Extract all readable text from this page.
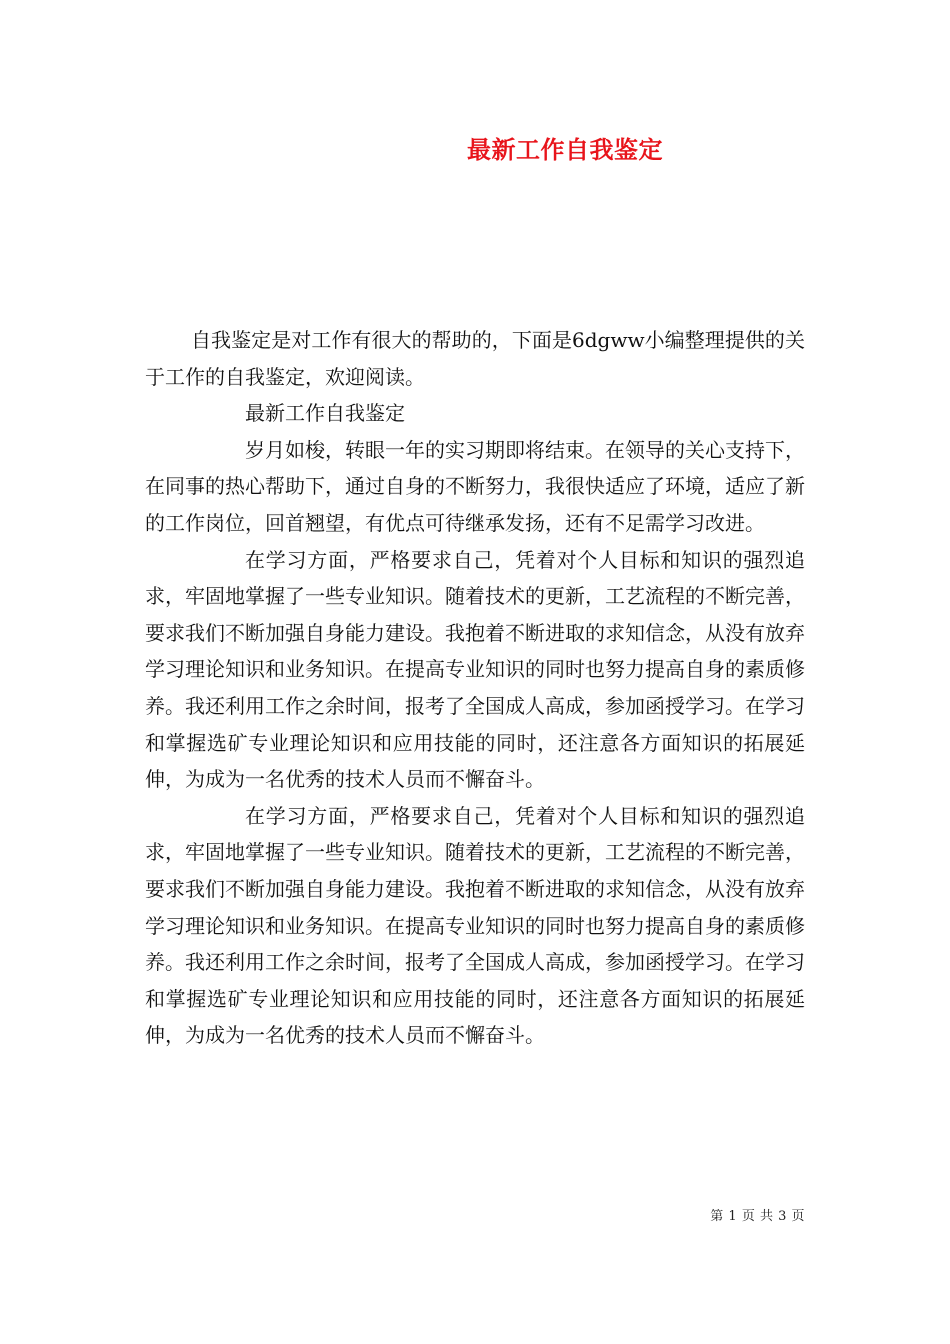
最新工作自我鉴定

自我鉴定是对工作有很大的帮助的，下面是6dgww小编整理提供的关于工作的自我鉴定，欢迎阅读。

最新工作自我鉴定

岁月如梭，转眼一年的实习期即将结束。在领导的关心支持下，在同事的热心帮助下，通过自身的不断努力，我很快适应了环境，适应了新的工作岗位，回首翘望，有优点可待继承发扬，还有不足需学习改进。

在学习方面，严格要求自己，凭着对个人目标和知识的强烈追求，牢固地掌握了一些专业知识。随着技术的更新，工艺流程的不断完善，要求我们不断加强自身能力建设。我抱着不断进取的求知信念，从没有放弃学习理论知识和业务知识。在提高专业知识的同时也努力提高自身的素质修养。我还利用工作之余时间，报考了全国成人高成，参加函授学习。在学习和掌握选矿专业理论知识和应用技能的同时，还注意各方面知识的拓展延伸，为成为一名优秀的技术人员而不懈奋斗。

在学习方面，严格要求自己，凭着对个人目标和知识的强烈追求，牢固地掌握了一些专业知识。随着技术的更新，工艺流程的不断完善，要求我们不断加强自身能力建设。我抱着不断进取的求知信念，从没有放弃学习理论知识和业务知识。在提高专业知识的同时也努力提高自身的素质修养。我还利用工作之余时间，报考了全国成人高成，参加函授学习。在学习和掌握选矿专业理论知识和应用技能的同时，还注意各方面知识的拓展延伸，为成为一名优秀的技术人员而不懈奋斗。

第 1 页 共 3 页
